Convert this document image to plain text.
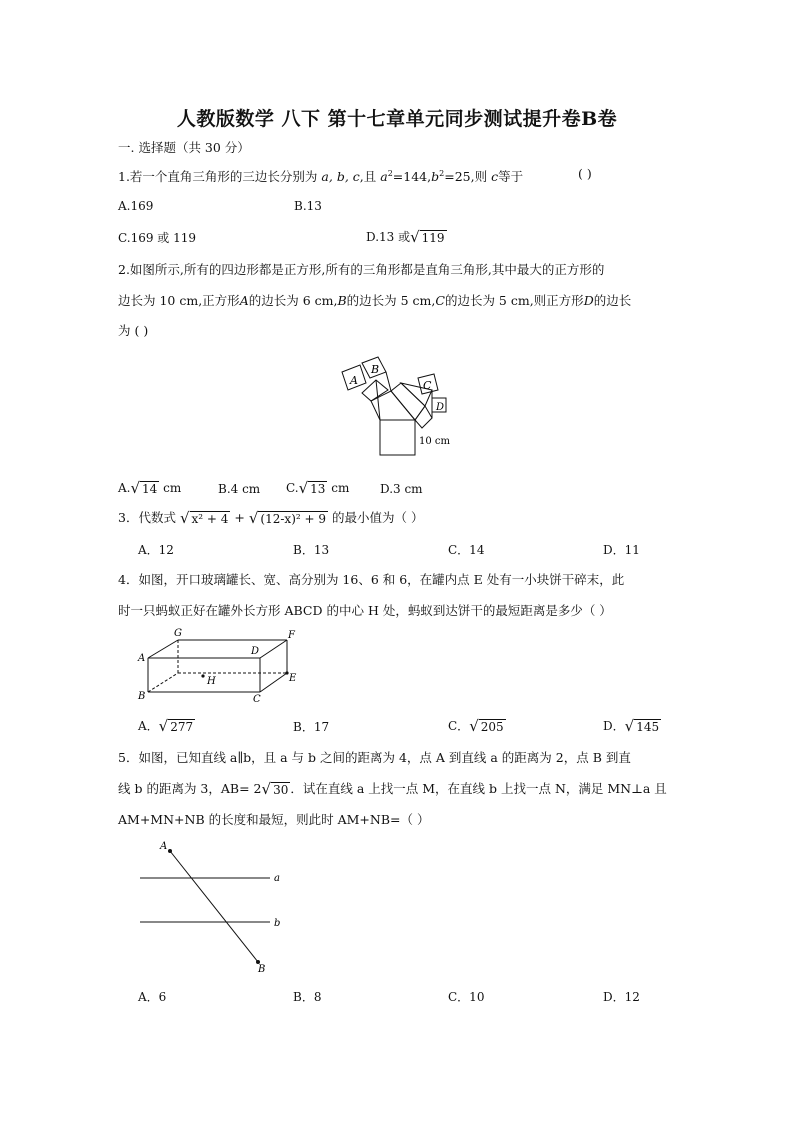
人教版数学 八下 第十七章单元同步测试提升卷B卷
一. 选择题（共 30 分）
1.若一个直角三角形的三边长分别为 a, b, c,且 $a^2=144,b^2=25$,则 c等于	( )
A.169	B.13
C.169 或 119	D.13 或 √ 119
2.如图所示,所有的四边形都是正方形,所有的三角形都是直角三角形,其中最大的正方形的
边长为 10 cm,正方形A的边长为 6 cm,B的边长为 5 cm,C的边长为 5 cm,则正方形D的边长
为 ( )
A
B
C
D
10 cm
A. √ 14 cm	B.4 cm C. √ 13 cm	D.3 cm
3．代数式 √ x² + 4 + √ (12-x)² + 9 的最小值为（ ）
A．12	B．13	C．14	D．11
4．如图，开口玻璃罐长、宽、高分别为 16、6 和 6，在罐内点 E 处有一小块饼干碎末，此
时一只蚂蚁正好在罐外长方形 ABCD 的中心 H 处，蚂蚁到达饼干的最短距离是多少（ ）
A
B	C
D
E
F
G
H
A． √ 277	B．17	C． √ 205	D． √ 145
5．如图，已知直线 a∥b，且 a 与 b 之间的距离为 4，点 A 到直线 a 的距离为 2，点 B 到直
线 b 的距离为 3，AB= 2 √ 30 ．试在直线 a 上找一点 M，在直线 b 上找一点 N，满足 MN⊥a 且
AM+MN+NB 的长度和最短，则此时 AM+NB=（ ）
A
B
a
b
A．6	B．8	C．10	D．12
